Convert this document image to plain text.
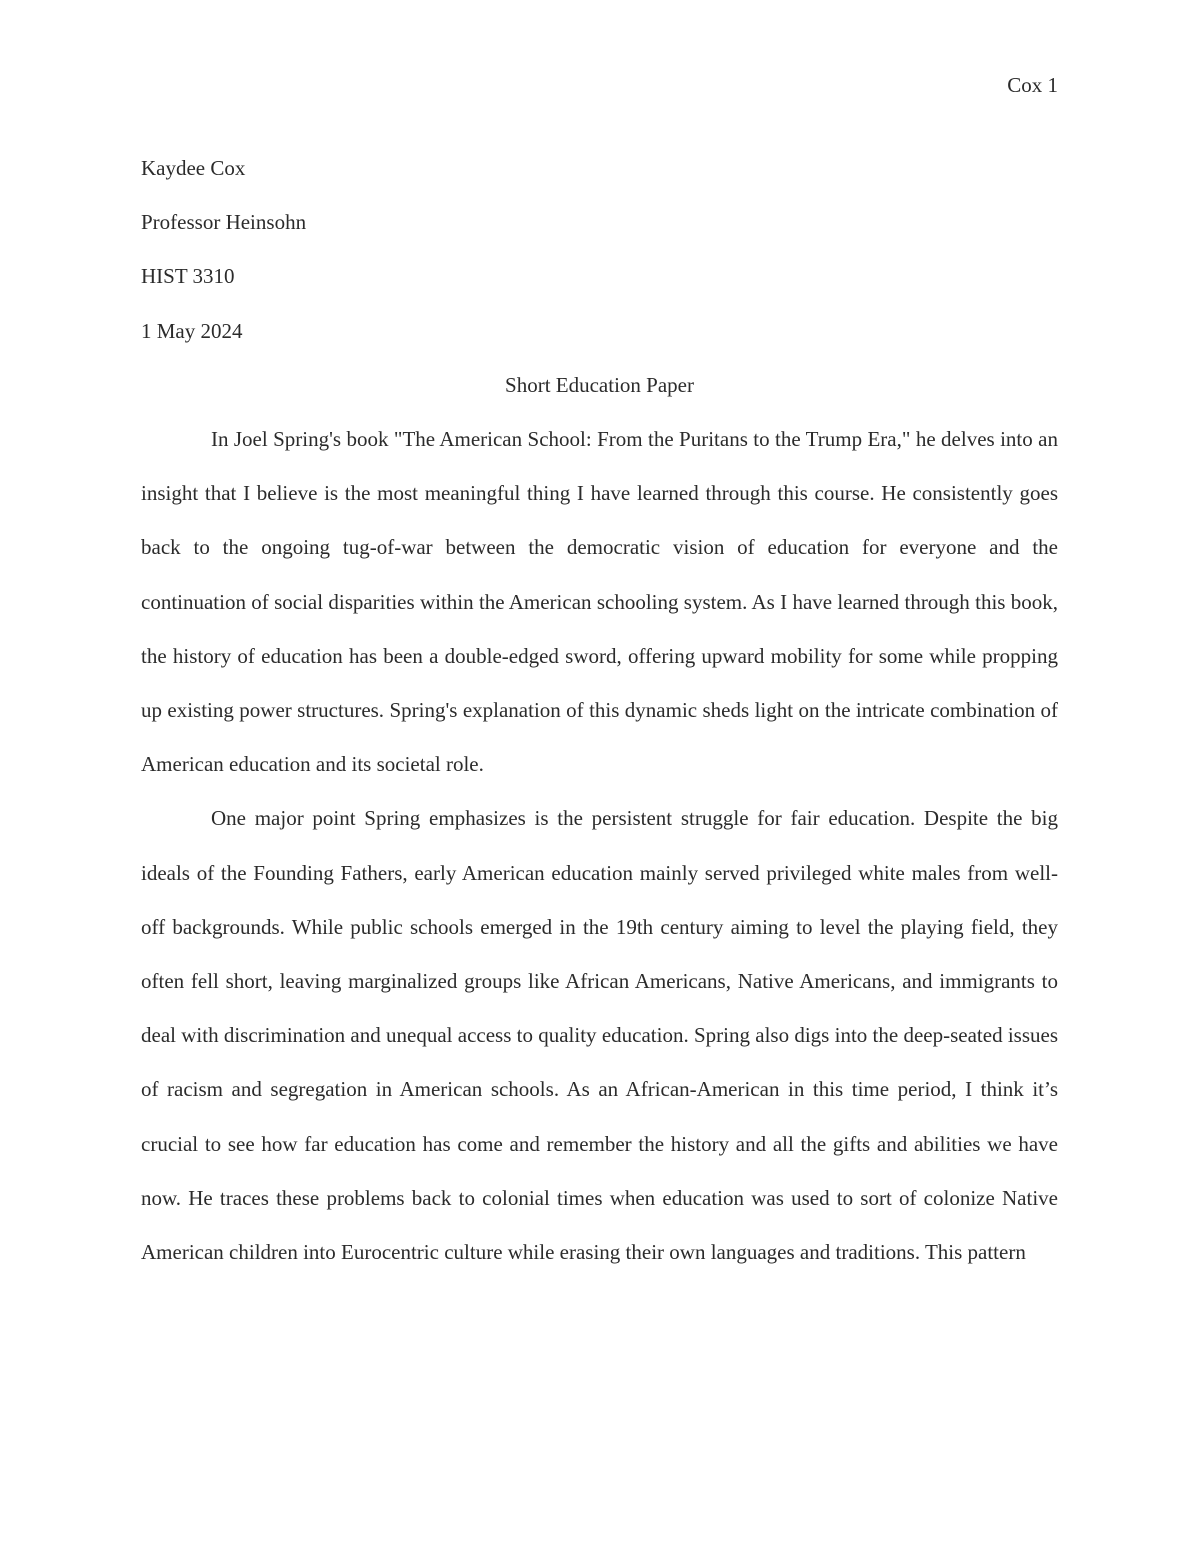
Cox 1

Kaydee Cox

Professor Heinsohn

HIST 3310

1 May 2024

Short Education Paper

In Joel Spring's book "The American School: From the Puritans to the Trump Era," he delves into an insight that I believe is the most meaningful thing I have learned through this course. He consistently goes back to the ongoing tug-of-war between the democratic vision of education for everyone and the continuation of social disparities within the American schooling system. As I have learned through this book, the history of education has been a double-edged sword, offering upward mobility for some while propping up existing power structures. Spring's explanation of this dynamic sheds light on the intricate combination of American education and its societal role.

One major point Spring emphasizes is the persistent struggle for fair education. Despite the big ideals of the Founding Fathers, early American education mainly served privileged white males from well-off backgrounds. While public schools emerged in the 19th century aiming to level the playing field, they often fell short, leaving marginalized groups like African Americans, Native Americans, and immigrants to deal with discrimination and unequal access to quality education. Spring also digs into the deep-seated issues of racism and segregation in American schools. As an African-American in this time period, I think it’s crucial to see how far education has come and remember the history and all the gifts and abilities we have now. He traces these problems back to colonial times when education was used to sort of colonize Native American children into Eurocentric culture while erasing their own languages and traditions. This pattern
